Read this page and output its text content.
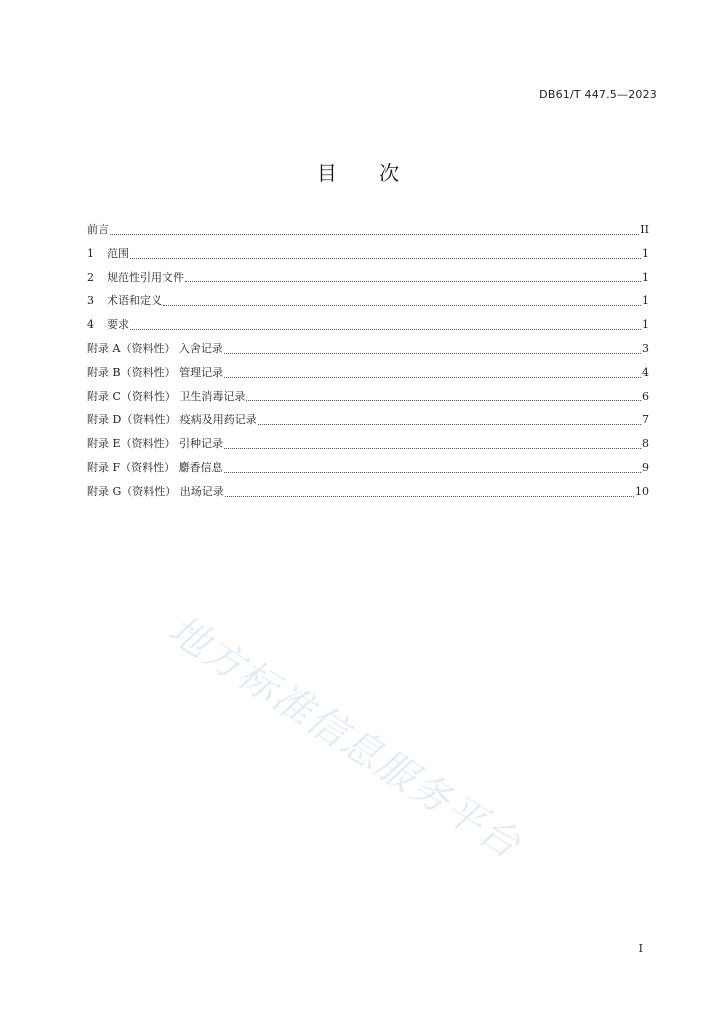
DB61/T 447.5—2023
目 次
前言	II
1 范围	1
2 规范性引用文件	1
3 术语和定义	1
4 要求	1
附录 A（资料性） 入舍记录	3
附录 B（资料性） 管理记录	4
附录 C（资料性） 卫生消毒记录	6
附录 D（资料性） 疫病及用药记录	7
附录 E（资料性） 引种记录	8
附录 F（资料性） 麝香信息	9
附录 G（资料性） 出场记录	10
地方标准信息服务平台
I
